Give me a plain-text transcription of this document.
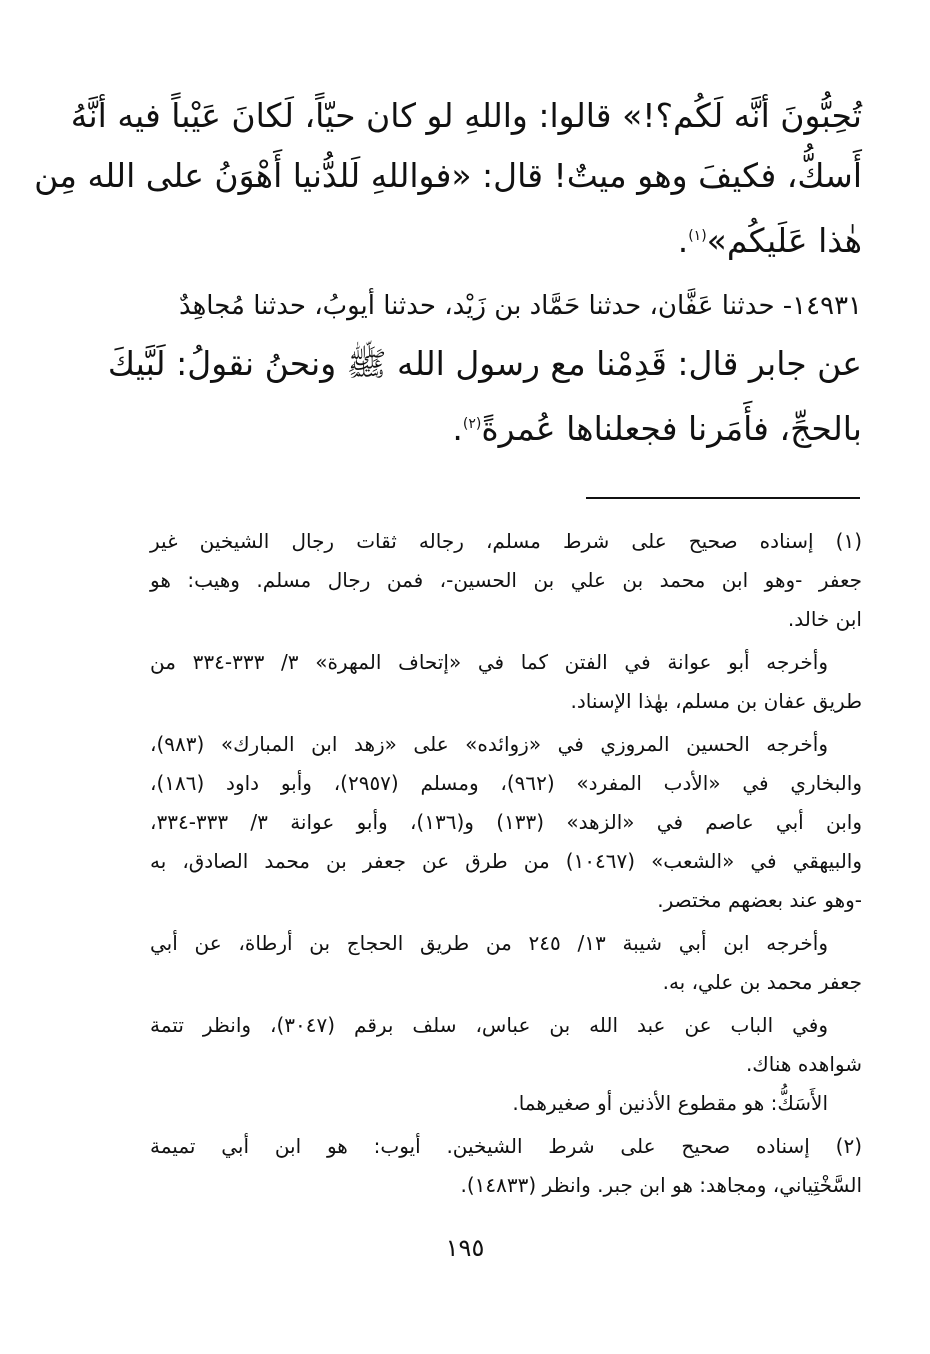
تُحِبُّونَ أنَّه لَكُم؟!» قالوا: واللهِ لو كان حيّاً، لَكانَ عَيْباً فيه أنَّهُ
أَسكُّ، فكيفَ وهو ميتٌ! قال: «فواللهِ لَلدُّنيا أَهْوَنُ على الله مِن
هٰذا عَلَيكُم»$^{(١)}$.
١٤٩٣١- حدثنا عَفَّان، حدثنا حَمَّاد بن زَيْد، حدثنا أيوبُ، حدثنا مُجاهِدٌ
عن جابر قال: قَدِمْنا مع رسول الله ﷺ ونحنُ نقولُ: لَبَّيكَ
بالحجِّ، فأَمَرنا فجعلناها عُمرةً$^{(٢)}$.
(١) إسناده صحيح على شرط مسلم، رجاله ثقات رجال الشيخين غير
جعفر -وهو ابن محمد بن علي بن الحسين-، فمن رجال مسلم. وهيب: هو
ابن خالد.
وأخرجه أبو عوانة في الفتن كما في «إتحاف المهرة» ٣/ ٣٣٣-٣٣٤ من
طريق عفان بن مسلم، بهٰذا الإسناد.
وأخرجه الحسين المروزي في «زوائده» على «زهد ابن المبارك» (٩٨٣)،
والبخاري في «الأدب المفرد» (٩٦٢)، ومسلم (٢٩٥٧)، وأبو داود (١٨٦)،
وابن أبي عاصم في «الزهد» (١٣٣) و(١٣٦)، وأبو عوانة ٣/ ٣٣٣-٣٣٤،
والبيهقي في «الشعب» (١٠٤٦٧) من طرق عن جعفر بن محمد الصادق، به
-وهو عند بعضهم مختصر.
وأخرجه ابن أبي شيبة ١٣/ ٢٤٥ من طريق الحجاج بن أرطاة، عن أبي
جعفر محمد بن علي، به.
وفي الباب عن عبد الله بن عباس، سلف برقم (٣٠٤٧)، وانظر تتمة
شواهده هناك.
الأَسَكُّ: هو مقطوع الأذنين أو صغيرهما.
(٢) إسناده صحيح على شرط الشيخين. أيوب: هو ابن أبي تميمة
السَّخْتِياني، ومجاهد: هو ابن جبر. وانظر (١٤٨٣٣).
١٩٥
